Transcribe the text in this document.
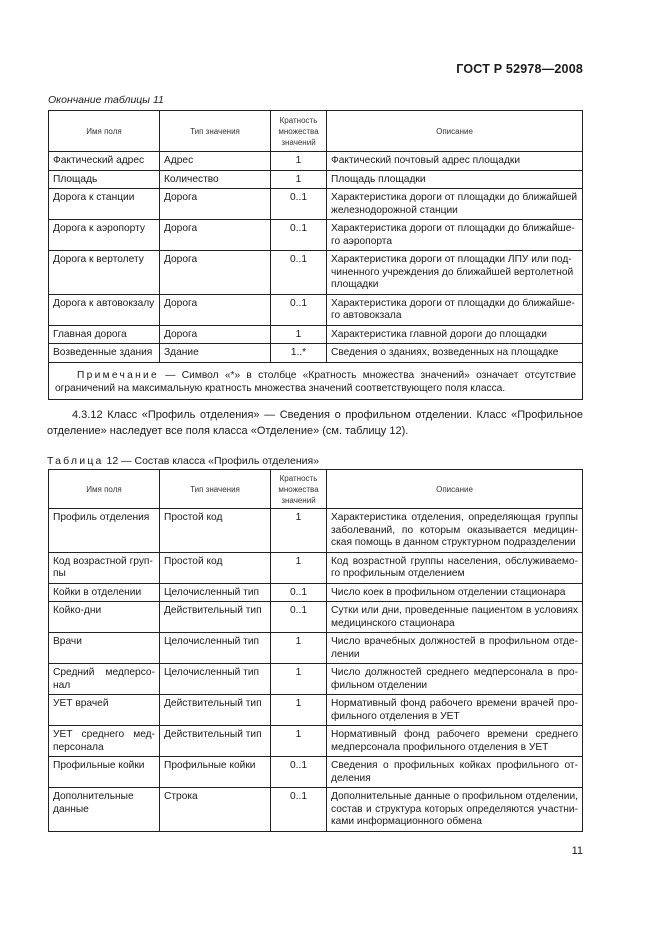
ГОСТ Р 52978—2008
Окончание таблицы 11
Имя поля	Тип значения	Кратность множества значений	Описание
Фактический адрес	Адрес	1	Фактический почтовый адрес площадки
Площадь	Количество	1	Площадь площадки
Дорога к станции	Дорога	0..1	Характеристика дороги от площадки до ближайшей железнодорожной станции
Дорога к аэропорту	Дорога	0..1	Характеристика дороги от площадки до ближайше-го аэропорта
Дорога к вертолету	Дорога	0..1	Характеристика дороги от площадки ЛПУ или под-чиненного учреждения до ближайшей вертолетной площадки
Дорога к автовокзалу	Дорога	0..1	Характеристика дороги от площадки до ближайше-го автовокзала
Главная дорога	Дорога	1	Характеристика главной дороги до площадки
Возведенные здания	Здание	1..*	Сведения о зданиях, возведенных на площадке
Примечание — Символ «*» в столбце «Кратность множества значений» означает отсутствие ограничений на максимальную кратность множества значений соответствующего поля класса.			
4.3.12 Класс «Профиль отделения» — Сведения о профильном отделении. Класс «Профильное отделение» наследует все поля класса «Отделение» (см. таблицу 12).
Таблица 12 — Состав класса «Профиль отделения»
Имя поля	Тип значения	Кратность множества значений	Описание
Профиль отделения	Простой код	1	Характеристика отделения, определяющая группы заболеваний, по которым оказывается медицин-ская помощь в данном структурном подразделении
Код возрастной груп-пы	Простой код	1	Код возрастной группы населения, обслуживаемо-го профильным отделением
Койки в отделении	Целочисленный тип	0..1	Число коек в профильном отделении стационара
Койко-дни	Действительный тип	0..1	Сутки или дни, проведенные пациентом в условиях медицинского стационара
Врачи	Целочисленный тип	1	Число врачебных должностей в профильном отде-лении
Средний медперсо-нал	Целочисленный тип	1	Число должностей среднего медперсонала в про-фильном отделении
УЕТ врачей	Действительный тип	1	Нормативный фонд рабочего времени врачей про-фильного отделения в УЕТ
УЕТ среднего мед-персонала	Действительный тип	1	Нормативный фонд рабочего времени среднего медперсонала профильного отделения в УЕТ
Профильные койки	Профильные койки	0..1	Сведения о профильных койках профильного от-деления
Дополнительные данные	Строка	0..1	Дополнительные данные о профильном отделении, состав и структура которых определяются участни-ками информационного обмена
11
